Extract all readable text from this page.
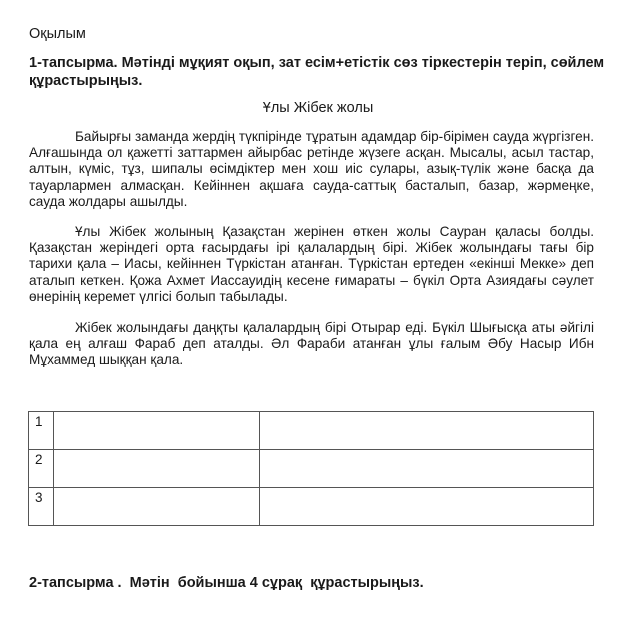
Оқылым
1-тапсырма. Мәтінді мұқият оқып, зат есім+етістік сөз тіркестерін теріп, сөйлем құрастырыңыз.
Ұлы Жібек жолы

Байырғы заманда жердің түкпірінде тұратын адамдар бір-бірімен сауда жүргізген. Алғашында ол қажетті заттармен айырбас ретінде жүзеге асқан. Мысалы, асыл тастар, алтын, күміс, тұз, шипалы өсімдіктер мен хош иіс сулары, азық-түлік және басқа да тауарлармен алмасқан. Кейіннен ақшаға сауда-саттық басталып, базар, жәрмеңке, сауда жолдары ашылды.

Ұлы Жібек жолының Қазақстан жерінен өткен жолы Сауран қаласы болды. Қазақстан жеріндегі орта ғасырдағы ірі қалалардың бірі. Жібек жолындағы тағы бір тарихи қала – Иасы, кейіннен Түркістан атанған. Түркістан ертеден «екінші Мекке» деп аталып кеткен. Қожа Ахмет Иассауидің кесене ғимараты – бүкіл Орта Азиядағы сәулет өнерінің керемет үлгісі болып табылады.

Жібек жолындағы даңқты қалалардың бірі Отырар еді. Бүкіл Шығысқа аты әйгілі қала ең алғаш Фараб деп аталды. Әл Фараби атанған ұлы ғалым Әбу Насыр Ибн Мұхаммед шыққан қала.

1		
2		
3		
2-тапсырма .  Мәтін  бойынша 4 сұрақ  құрастырыңыз.
